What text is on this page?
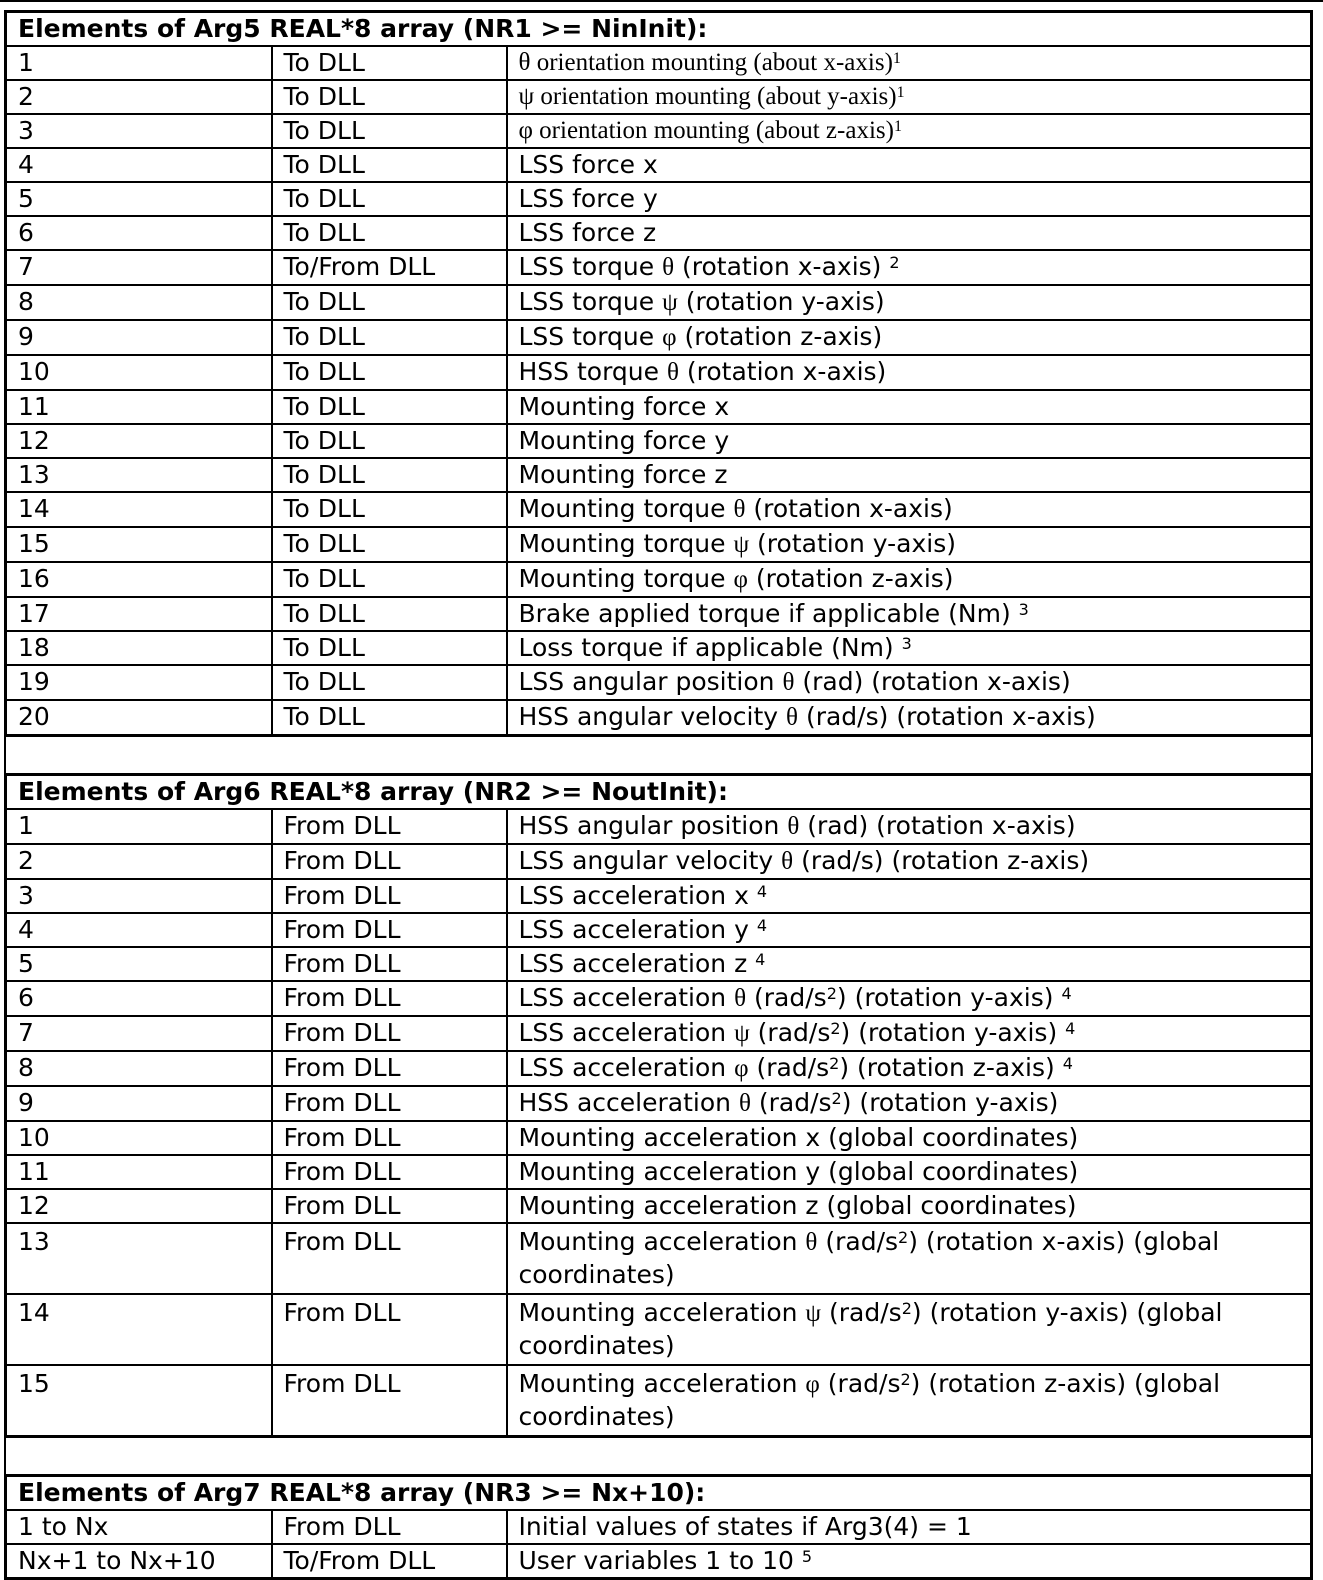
Elements of Arg5 REAL*8 array (NR1 >= NinInit):		
1	To DLL	θ orientation mounting (about x-axis)$^1$
2	To DLL	ψ orientation mounting (about y-axis)$^1$
3	To DLL	φ orientation mounting (about z-axis)$^1$
4	To DLL	LSS force x
5	To DLL	LSS force y
6	To DLL	LSS force z
7	To/From DLL	LSS torque θ (rotation x-axis) $^2$
8	To DLL	LSS torque ψ (rotation y-axis)
9	To DLL	LSS torque φ (rotation z-axis)
10	To DLL	HSS torque θ (rotation x-axis)
11	To DLL	Mounting force x
12	To DLL	Mounting force y
13	To DLL	Mounting force z
14	To DLL	Mounting torque θ (rotation x-axis)
15	To DLL	Mounting torque ψ (rotation y-axis)
16	To DLL	Mounting torque φ (rotation z-axis)
17	To DLL	Brake applied torque if applicable (Nm) $^3$
18	To DLL	Loss torque if applicable (Nm) $^3$
19	To DLL	LSS angular position θ (rad) (rotation x-axis)
20	To DLL	HSS angular velocity θ (rad/s) (rotation x-axis)
Elements of Arg6 REAL*8 array (NR2 >= NoutInit):		
1	From DLL	HSS angular position θ (rad) (rotation x-axis)
2	From DLL	LSS angular velocity θ (rad/s) (rotation z-axis)
3	From DLL	LSS acceleration x $^4$
4	From DLL	LSS acceleration y $^4$
5	From DLL	LSS acceleration z $^4$
6	From DLL	LSS acceleration θ $(rad/s^2)$ (rotation y-axis) $^4$
7	From DLL	LSS acceleration ψ $(rad/s^2)$ (rotation y-axis) $^4$
8	From DLL	LSS acceleration φ $(rad/s^2)$ (rotation z-axis) $^4$
9	From DLL	HSS acceleration θ $(rad/s^2)$ (rotation y-axis)
10	From DLL	Mounting acceleration x (global coordinates)
11	From DLL	Mounting acceleration y (global coordinates)
12	From DLL	Mounting acceleration z (global coordinates)
13	From DLL	Mounting acceleration θ $(rad/s^2)$ (rotation x-axis) (global coordinates)
14	From DLL	Mounting acceleration ψ $(rad/s^2)$ (rotation y-axis) (global coordinates)
15	From DLL	Mounting acceleration φ $(rad/s^2)$ (rotation z-axis) (global coordinates)
Elements of Arg7 REAL*8 array (NR3 >= Nx+10):		
1 to Nx	From DLL	Initial values of states if Arg3(4) = 1
Nx+1 to Nx+10	To/From DLL	User variables 1 to 10 $^5$
